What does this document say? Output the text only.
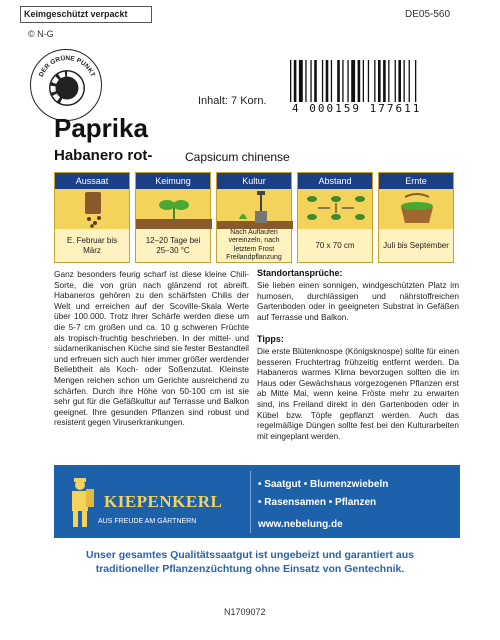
Keimgeschützt verpackt	DE05-560
© N-G
DER GRÜNE PUNKT
Inhalt: 7 Korn.
4 000159 177611
Paprika
Habanero rot-	Capsicum chinense
Aussaat
E. Februar bis März
Keimung
12–20 Tage bei 25–30 °C
Kultur
Nach Auflaufen vereinzeln, nach letztem Frost Freilandpflanzung
Abstand
70 x 70 cm
Ernte
Juli bis September
Ganz besonders feurig scharf ist diese kleine Chili-Sorte, die von grün nach glänzend rot abreift. Habaneros gehören zu den schärfsten Chilis der Welt und erreichen auf der Scoville-Skala Werte über 100.000. Trotz ihrer Schärfe werden diese um die 5-7 cm großen und ca. 10 g schweren Früchte als tropisch-fruchtig beschrieben. In der mittel- und südamerikanischen Küche sind sie fester Bestandteil und erfreuen sich auch hier immer größer werdender Beliebtheit als Koch- oder Soßenzutat. Kleinste Mengen reichen schon um Gerichte ausreichend zu schärfen. Durch ihre Höhe von 50-100 cm ist sie sehr gut für die Gefäßkultur auf Terrasse und Balkon geeignet. Ihre gesunden Pflanzen sind robust und resistent gegen Viruserkrankungen.
Standortansprüche:
Sie lieben einen sonnigen, windgeschützten Platz im humosen, durchlässigen und nährstoffreichen Gartenboden oder in geeigneten Substrat in Gefäßen auf Terrasse und Balkon.
Tipps:
Die erste Blütenknospe (Königsknospe) sollte für einen besseren Fruchtertrag frühzeitig entfernt werden. Da Habaneros warmes Klima bevorzugen sollten die im Haus oder Gewächshaus vorgezogenen Pflanzen erst ab Mitte Mai, wenn keine Fröste mehr zu erwarten sind, ins Freiland direkt in den Gartenboden oder in Kübel bzw. Töpfe gepflanzt werden. Auch das regelmäßige Düngen sollte fest bei den Kulturarbeiten mit eingeplant werden.
KIEPENKERL
AUS FREUDE AM GÄRTNERN
• Saatgut • Blumenzwiebeln
• Rasensamen • Pflanzen
www.nebelung.de
Unser gesamtes Qualitätssaatgut ist ungebeizt und garantiert aus traditioneller Pflanzenzüchtung ohne Einsatz von Gentechnik.
N1709072
